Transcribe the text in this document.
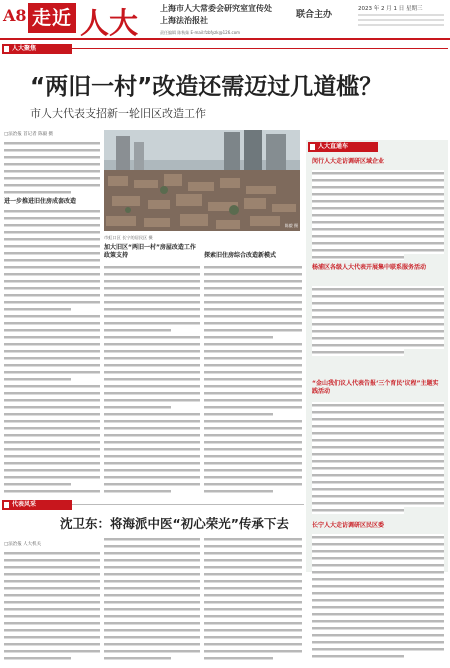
A8 走近 人大	上海市人大常委会研究室宣传处
上海法治报社
责任编辑 陈秋妹 E-mail:fzbfyzk@126.com
联合主办
2023 年 2 月 1 日 星期三
人大聚焦
“两旧一村”改造还需迈过几道槛？
市人大代表支招新一轮旧区改造工作
□法治报 首记者 陈毅 摄
进一步推进旧住房成套改造
陈毅 摄
市虹口区 长宁的居民区 摄
加大旧区“两旧一村”房屋改造工作政策支持	探索旧住房综合改造新模式
人大直通车
闵行人大走访调研区域企业
杨浦区各级人大代表开展集中联系服务活动
“金山我们议人代表告报‘三个育民’议程”主题实践活动
长宁人大走访调研区民区委
代表风采
沈卫东：将海派中医“初心荣光”传承下去
□法治报 人大机关
